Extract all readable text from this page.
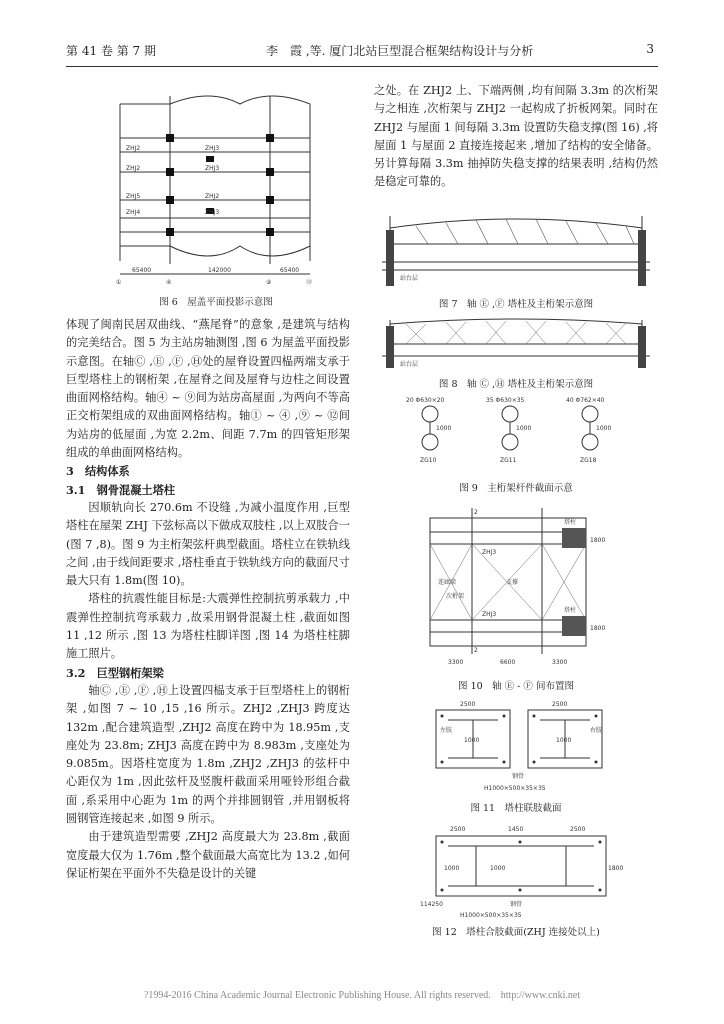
第 41 卷 第 7 期	李　霞 ,等. 厦门北站巨型混合框架结构设计与分析	3
ZHJ2	ZHJ3
ZHJ2	ZHJ3
ZHJ5
ZHJ4
ZHJ2
ZHJ3
65400	142000	65400
①	④	⑨	⑫
图 6　屋盖平面投影示意图

体现了闽南民居双曲线、“燕尾脊”的意象 ,是建筑与结构的完美结合。图 5 为主站房轴测图 ,图 6 为屋盖平面投影示意图。在轴Ⓒ ,Ⓔ ,Ⓕ ,Ⓗ处的屋脊设置四榀两端支承于巨型塔柱上的钢桁架 ,在屋脊之间及屋脊与边柱之间设置曲面网格结构。轴④ ~ ⑨间为站房高屋面 ,为两向不等高正交桁架组成的双曲面网格结构。轴① ~ ④ ,⑨ ~ ⑫间为站房的低屋面 ,为宽 2.2m、间距 7.7m 的四管矩形架组成的单曲面网格结构。

3　结构体系

3.1　钢骨混凝土塔柱

因顺轨向长 270.6m 不设缝 ,为减小温度作用 ,巨型塔柱在屋架 ZHJ 下弦标高以下做成双肢柱 ,以上双肢合一(图 7 ,8)。图 9 为主桁架弦杆典型截面。塔柱立在铁轨线之间 ,由于线间距要求 ,塔柱垂直于铁轨线方向的截面尺寸最大只有 1.8m(图 10)。

塔柱的抗震性能目标是:大震弹性控制抗剪承载力 ,中震弹性控制抗弯承载力 ,故采用钢骨混凝土柱 ,截面如图 11 ,12 所示 ,图 13 为塔柱柱脚详图 ,图 14 为塔柱柱脚施工照片。

3.2　巨型钢桁架梁

轴Ⓒ ,Ⓔ ,Ⓕ ,Ⓗ上设置四榀支承于巨型塔柱上的钢桁架 ,如图 7 ~ 10 ,15 ,16 所示。ZHJ2 ,ZHJ3 跨度达 132m ,配合建筑造型 ,ZHJ2 高度在跨中为 18.95m ,支座处为 23.8m; ZHJ3 高度在跨中为 8.983m ,支座处为 9.085m。因塔柱宽度为 1.8m ,ZHJ2 ,ZHJ3 的弦杆中心距仅为 1m ,因此弦杆及竖腹杆截面采用哑铃形组合截面 ,系采用中心距为 1m 的两个并排圆钢管 ,并用钢板将圆钢管连接起来 ,如图 9 所示。

由于建筑造型需要 ,ZHJ2 高度最大为 23.8m ,截面宽度最大仅为 1.76m ,整个截面最大高宽比为 13.2 ,如何保证桁架在平面外不失稳是设计的关键

之处。在 ZHJ2 上、下端两侧 ,均有间隔 3.3m 的次桁架与之相连 ,次桁架与 ZHJ2 一起构成了折板网架。同时在 ZHJ2 与屋面 1 间每隔 3.3m 设置防失稳支撑(图 16) ,将屋面 1 与屋面 2 直接连接起来 ,增加了结构的安全储备。另计算每隔 3.3m 抽掉防失稳支撑的结果表明 ,结构仍然是稳定可靠的。

站台层
图 7　轴 Ⓔ ,Ⓕ 塔柱及主桁架示意图
站台层
图 8　轴 Ⓒ ,Ⓗ 塔柱及主桁架示意图
20 Φ630×20	35 Φ630×35	40 Φ762×40
1000	1000	1000
ZG10	ZG11	ZG18
图 9　主桁架杆件截面示意
ZHJ3
ZHJ3
塔柱
塔柱
连廊梁
次桁架
支撑
2
2
3300	6600	3300
1800
1800
图 10　轴 Ⓔ - Ⓕ 间布置图
2500	2500
1000	1000
左肢	右肢
钢骨
H1000×500×35×35
图 11　塔柱联肢截面
2500	1450	2500
1800
1000
钢骨
H1000×500×35×35
1000
114250
图 12　塔柱合肢截面(ZHJ 连接处以上)
?1994-2016 China Academic Journal Electronic Publishing House. All rights reserved.　http://www.cnki.net
